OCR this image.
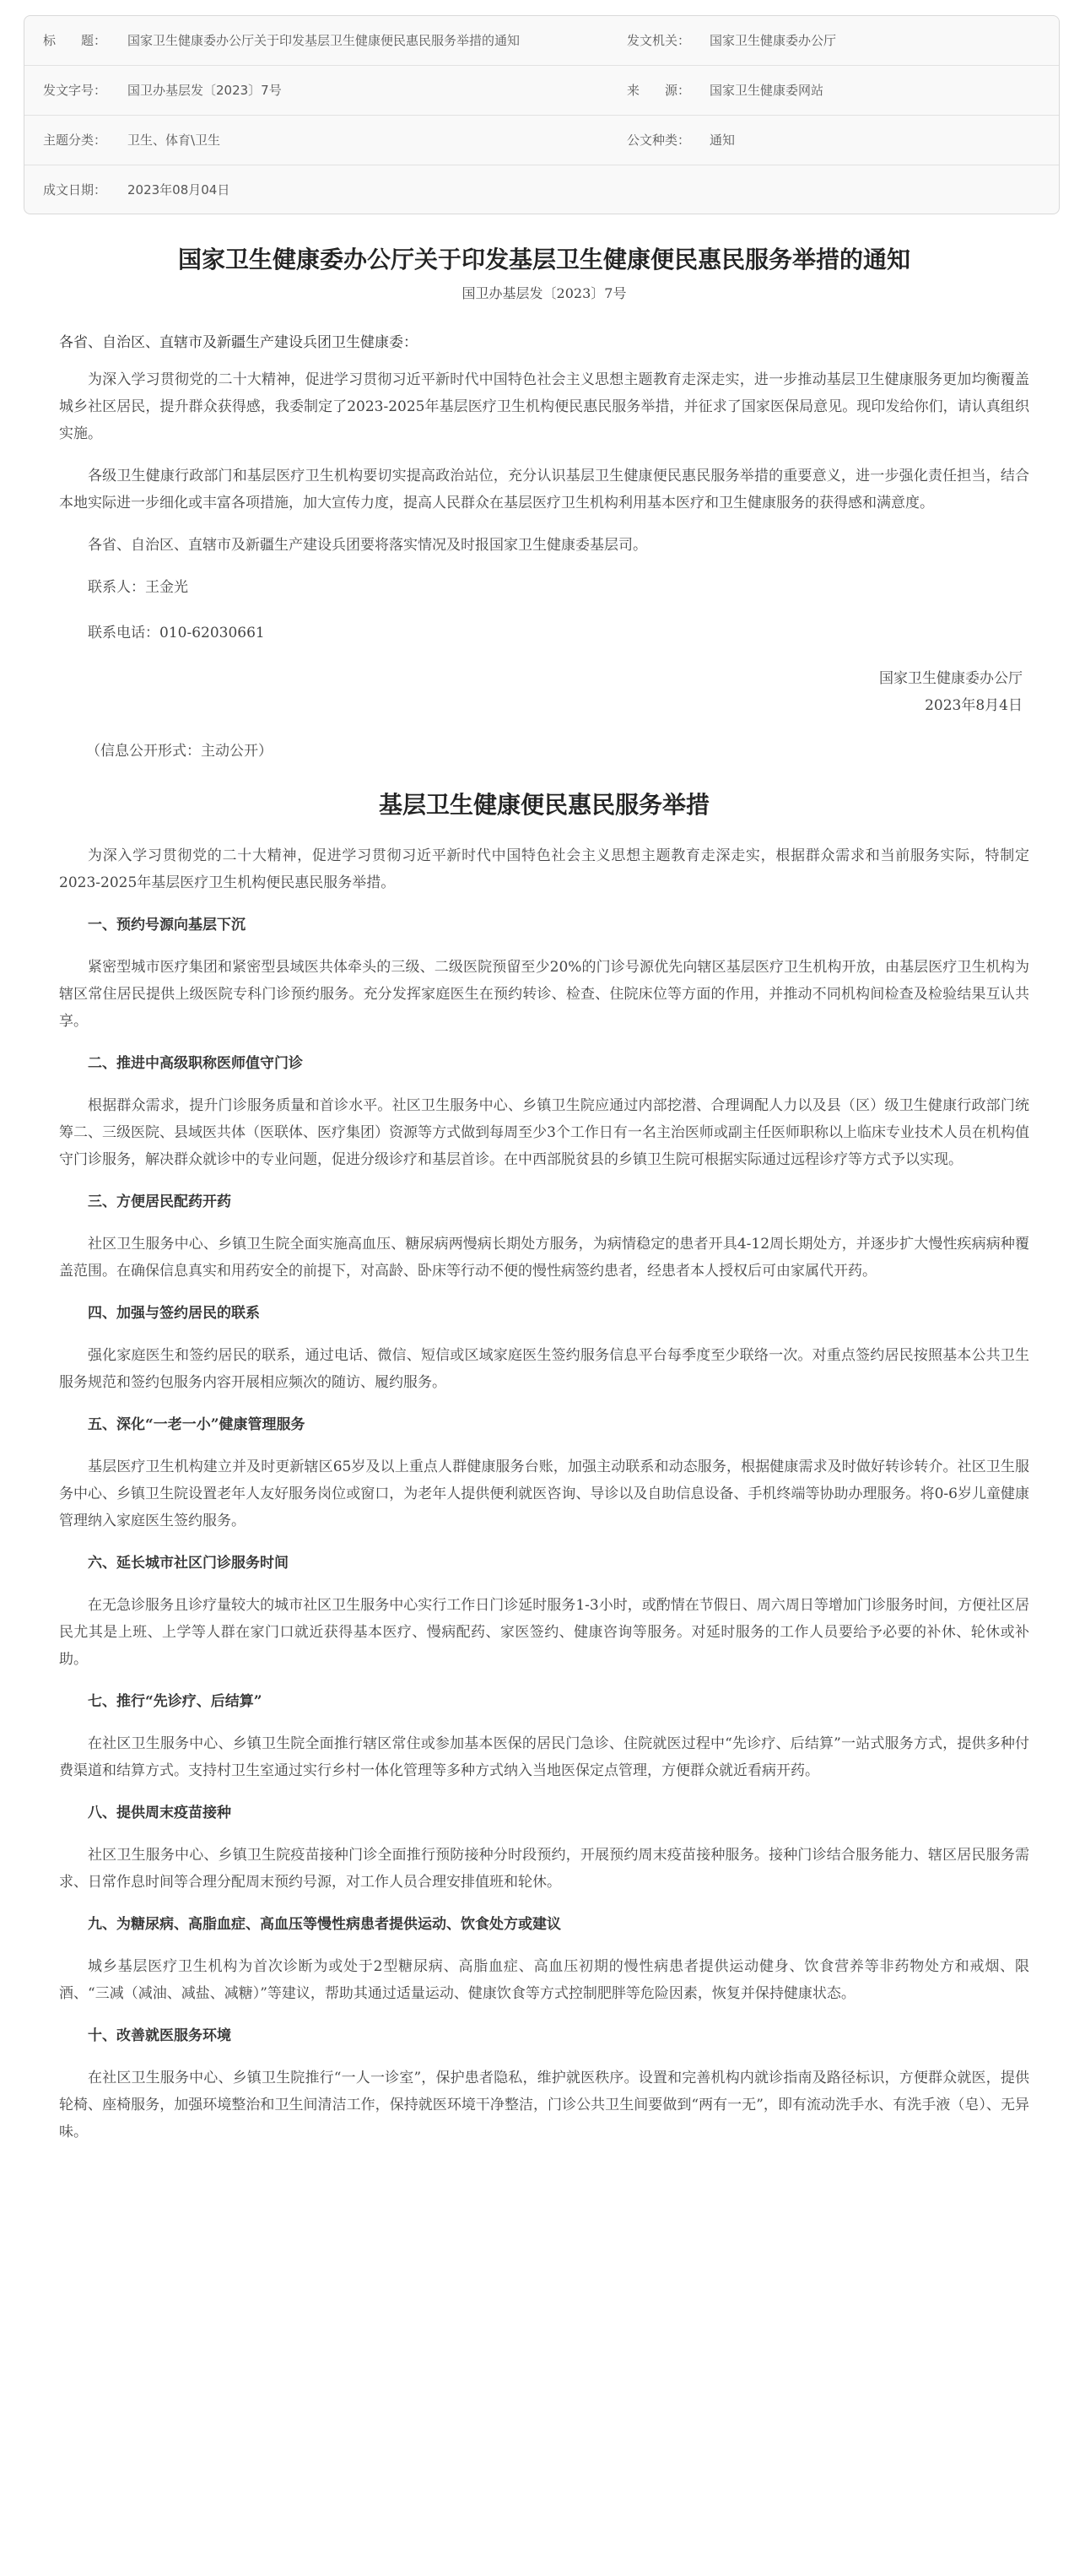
标　　题：	国家卫生健康委办公厅关于印发基层卫生健康便民惠民服务举措的通知	发文机关：	国家卫生健康委办公厅
发文字号：	国卫办基层发〔2023〕7号	来　　源：	国家卫生健康委网站
主题分类：	卫生、体育\卫生	公文种类：	通知
成文日期：	2023年08月04日
国家卫生健康委办公厅关于印发基层卫生健康便民惠民服务举措的通知
国卫办基层发〔2023〕7号
各省、自治区、直辖市及新疆生产建设兵团卫生健康委：

为深入学习贯彻党的二十大精神，促进学习贯彻习近平新时代中国特色社会主义思想主题教育走深走实，进一步推动基层卫生健康服务更加均衡覆盖城乡社区居民，提升群众获得感，我委制定了2023-2025年基层医疗卫生机构便民惠民服务举措，并征求了国家医保局意见。现印发给你们，请认真组织实施。

各级卫生健康行政部门和基层医疗卫生机构要切实提高政治站位，充分认识基层卫生健康便民惠民服务举措的重要意义，进一步强化责任担当，结合本地实际进一步细化或丰富各项措施，加大宣传力度，提高人民群众在基层医疗卫生机构利用基本医疗和卫生健康服务的获得感和满意度。

各省、自治区、直辖市及新疆生产建设兵团要将落实情况及时报国家卫生健康委基层司。

联系人：王金光
联系电话：010-62030661
国家卫生健康委办公厅
2023年8月4日
（信息公开形式：主动公开）
基层卫生健康便民惠民服务举措

为深入学习贯彻党的二十大精神，促进学习贯彻习近平新时代中国特色社会主义思想主题教育走深走实，根据群众需求和当前服务实际，特制定2023-2025年基层医疗卫生机构便民惠民服务举措。

一、预约号源向基层下沉

紧密型城市医疗集团和紧密型县域医共体牵头的三级、二级医院预留至少20%的门诊号源优先向辖区基层医疗卫生机构开放，由基层医疗卫生机构为辖区常住居民提供上级医院专科门诊预约服务。充分发挥家庭医生在预约转诊、检查、住院床位等方面的作用，并推动不同机构间检查及检验结果互认共享。

二、推进中高级职称医师值守门诊

根据群众需求，提升门诊服务质量和首诊水平。社区卫生服务中心、乡镇卫生院应通过内部挖潜、合理调配人力以及县（区）级卫生健康行政部门统筹二、三级医院、县域医共体（医联体、医疗集团）资源等方式做到每周至少3个工作日有一名主治医师或副主任医师职称以上临床专业技术人员在机构值守门诊服务，解决群众就诊中的专业问题，促进分级诊疗和基层首诊。在中西部脱贫县的乡镇卫生院可根据实际通过远程诊疗等方式予以实现。

三、方便居民配药开药

社区卫生服务中心、乡镇卫生院全面实施高血压、糖尿病两慢病长期处方服务，为病情稳定的患者开具4-12周长期处方，并逐步扩大慢性疾病病种覆盖范围。在确保信息真实和用药安全的前提下，对高龄、卧床等行动不便的慢性病签约患者，经患者本人授权后可由家属代开药。

四、加强与签约居民的联系

强化家庭医生和签约居民的联系，通过电话、微信、短信或区域家庭医生签约服务信息平台每季度至少联络一次。对重点签约居民按照基本公共卫生服务规范和签约包服务内容开展相应频次的随访、履约服务。

五、深化“一老一小”健康管理服务

基层医疗卫生机构建立并及时更新辖区65岁及以上重点人群健康服务台账，加强主动联系和动态服务，根据健康需求及时做好转诊转介。社区卫生服务中心、乡镇卫生院设置老年人友好服务岗位或窗口，为老年人提供便利就医咨询、导诊以及自助信息设备、手机终端等协助办理服务。将0-6岁儿童健康管理纳入家庭医生签约服务。

六、延长城市社区门诊服务时间

在无急诊服务且诊疗量较大的城市社区卫生服务中心实行工作日门诊延时服务1-3小时，或酌情在节假日、周六周日等增加门诊服务时间，方便社区居民尤其是上班、上学等人群在家门口就近获得基本医疗、慢病配药、家医签约、健康咨询等服务。对延时服务的工作人员要给予必要的补休、轮休或补助。

七、推行“先诊疗、后结算”

在社区卫生服务中心、乡镇卫生院全面推行辖区常住或参加基本医保的居民门急诊、住院就医过程中“先诊疗、后结算”一站式服务方式，提供多种付费渠道和结算方式。支持村卫生室通过实行乡村一体化管理等多种方式纳入当地医保定点管理，方便群众就近看病开药。

八、提供周末疫苗接种

社区卫生服务中心、乡镇卫生院疫苗接种门诊全面推行预防接种分时段预约，开展预约周末疫苗接种服务。接种门诊结合服务能力、辖区居民服务需求、日常作息时间等合理分配周末预约号源，对工作人员合理安排值班和轮休。

九、为糖尿病、高脂血症、高血压等慢性病患者提供运动、饮食处方或建议

城乡基层医疗卫生机构为首次诊断为或处于2型糖尿病、高脂血症、高血压初期的慢性病患者提供运动健身、饮食营养等非药物处方和戒烟、限酒、“三减（减油、减盐、减糖）”等建议，帮助其通过适量运动、健康饮食等方式控制肥胖等危险因素，恢复并保持健康状态。

十、改善就医服务环境

在社区卫生服务中心、乡镇卫生院推行“一人一诊室”，保护患者隐私，维护就医秩序。设置和完善机构内就诊指南及路径标识，方便群众就医，提供轮椅、座椅服务，加强环境整治和卫生间清洁工作，保持就医环境干净整洁，门诊公共卫生间要做到“两有一无”，即有流动洗手水、有洗手液（皂）、无异味。
